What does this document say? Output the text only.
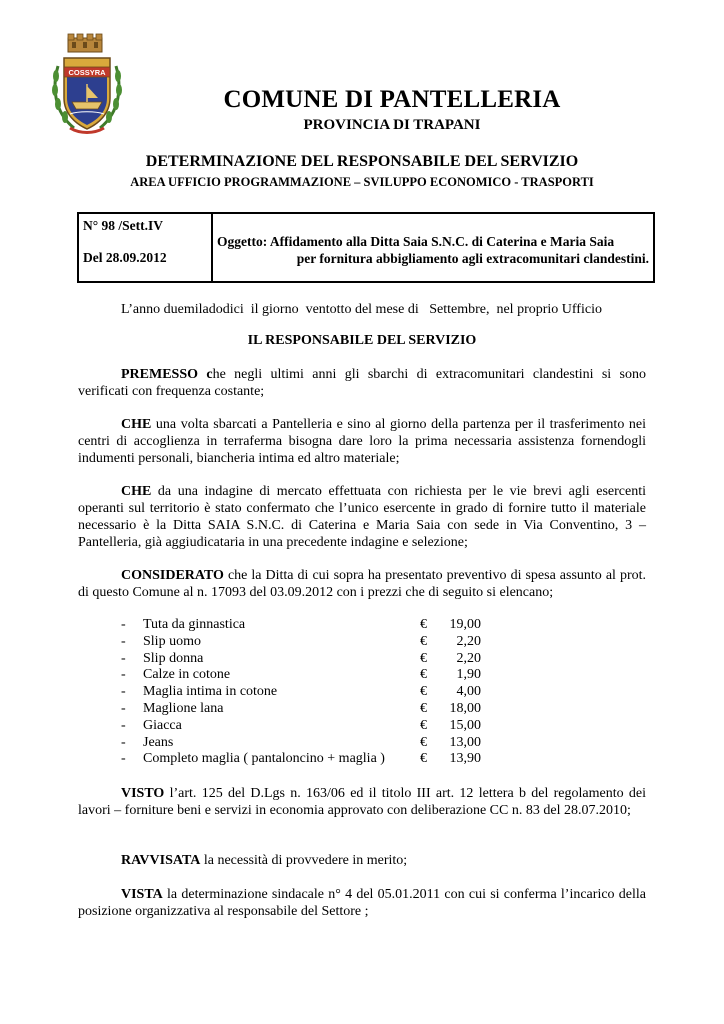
COSSYRA
COMUNE DI PANTELLERIA
PROVINCIA DI TRAPANI
DETERMINAZIONE DEL RESPONSABILE DEL SERVIZIO
AREA UFFICIO PROGRAMMAZIONE – SVILUPPO ECONOMICO - TRASPORTI
N° 98 /Sett.IV
Del 28.09.2012
Oggetto: Affidamento alla Ditta Saia S.N.C. di Caterina e Maria Saia
per fornitura abbigliamento agli extracomunitari clandestini.
L’anno duemiladodici  il giorno  ventotto del mese di   Settembre,  nel proprio Ufficio
IL RESPONSABILE DEL SERVIZIO
PREMESSO che negli ultimi anni gli sbarchi di extracomunitari clandestini si sono verificati con frequenza costante;
CHE una volta sbarcati a Pantelleria e sino al giorno della partenza per il trasferimento nei centri di accoglienza in terraferma bisogna dare loro la prima necessaria assistenza fornendogli indumenti personali, biancheria intima ed altro materiale;
CHE da una indagine di mercato effettuata con richiesta per le vie brevi agli esercenti operanti sul territorio è stato confermato che l’unico esercente in grado di fornire tutto il materiale necessario è la Ditta SAIA S.N.C. di Caterina e Maria Saia con sede in Via Conventino, 3 – Pantelleria, già aggiudicataria in una precedente indagine e selezione;
CONSIDERATO che la Ditta di cui sopra ha presentato preventivo di spesa assunto al prot. di questo Comune al n. 17093 del 03.09.2012 con i prezzi che di seguito si elencano;
- Tuta da ginnastica	€ 19,00
- Slip uomo	€ 2,20
- Slip donna	€ 2,20
- Calze in cotone	€ 1,90
- Maglia intima in cotone	€ 4,00
- Maglione lana	€ 18,00
- Giacca	€ 15,00
- Jeans	€ 13,00
- Completo maglia ( pantaloncino + maglia )	€ 13,90
VISTO l’art. 125 del D.Lgs n. 163/06 ed il titolo III art. 12 lettera b del regolamento dei lavori – forniture beni e servizi in economia approvato con deliberazione CC n. 83 del 28.07.2010;
RAVVISATA la necessità di provvedere in merito;
VISTA la determinazione sindacale n° 4 del 05.01.2011 con cui si conferma l’incarico della posizione organizzativa al responsabile del Settore ;
